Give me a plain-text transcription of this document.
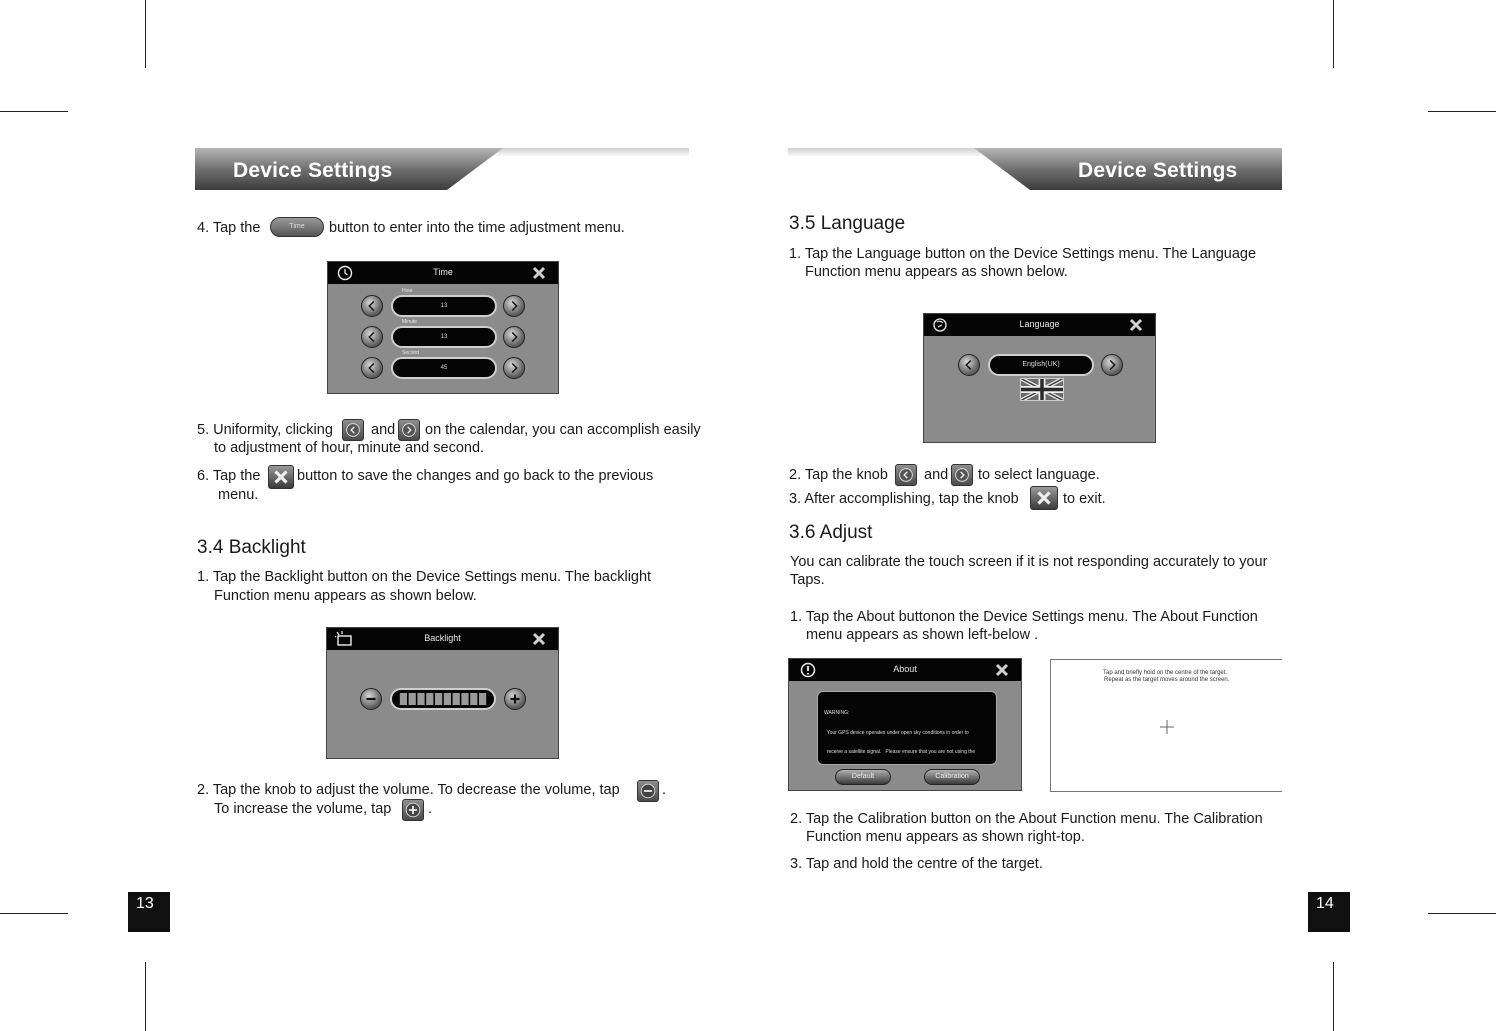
Device Settings
4. Tap the	Time	button to enter into the time adjustment menu.
Time
Hour
13
Minute
13
Second
45
5. Uniformity, clicking	and on the calendar, you can accomplish easily
to adjustment of hour, minute and second.
6. Tap the	button to save the changes and go back to the previous
menu.
3.4 Backlight
1. Tap the Backlight button on the Device Settings menu. The backlight
Function menu appears as shown below.
Backlight
2. Tap the knob to adjust the volume. To decrease the volume, tap	.
To increase the volume, tap	.
13
Device Settings
3.5 Language
1. Tap the Language button on the Device Settings menu. The Language
Function menu appears as shown below.
Language
English(UK)
2. Tap the knob and to select language.
3. After accomplishing, tap the knob	to exit.
3.6 Adjust
You can calibrate the touch screen if it is not responding accurately to your
Taps.
1. Tap the About buttonon the Device Settings menu. The About Function
menu appears as shown left-below .
About

WARNING:

Your GPS device operates under open sky conditions in order to

receive a satellite signal.   Please ensure that you are not using the

Default	Calibration
Tap and briefly hold on the centre of the target.
Repeat as the target moves around the screen.
2. Tap the Calibration button on the About Function menu. The Calibration
Function menu appears as shown right-top.
3. Tap and hold the centre of the target.
14
